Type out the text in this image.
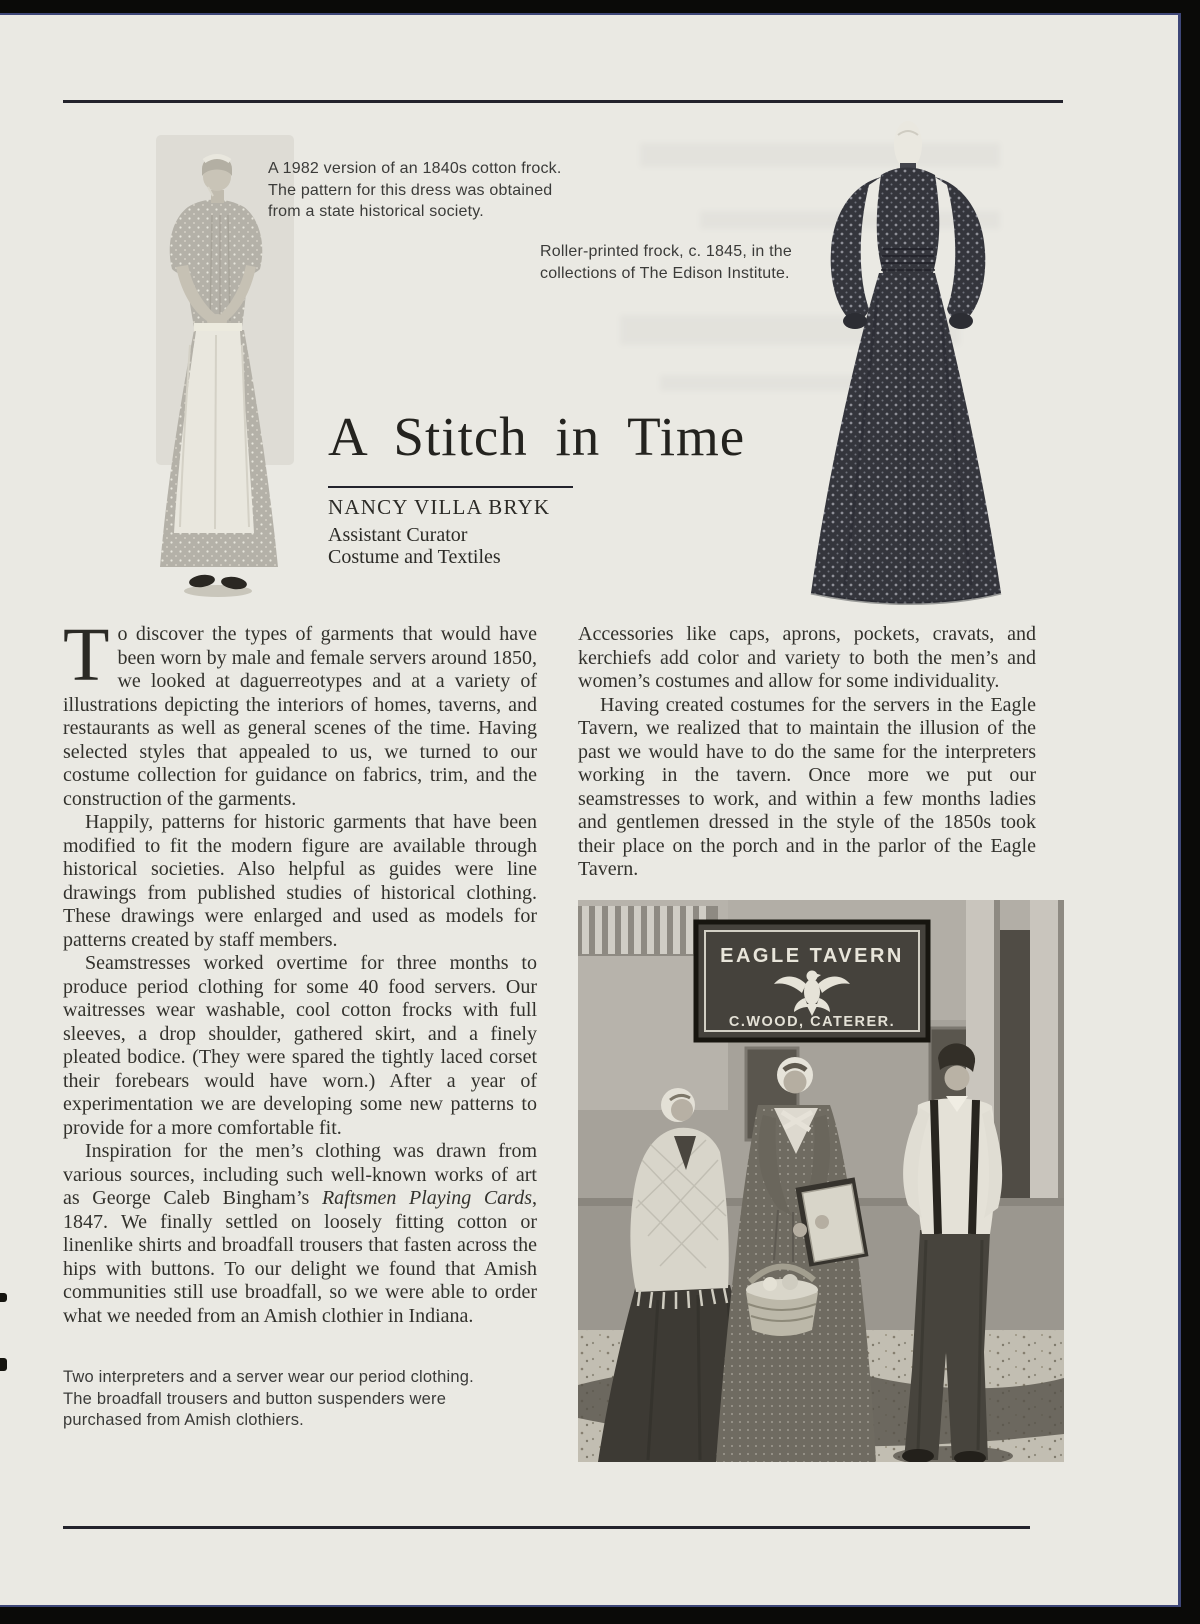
A 1982 version of an 1840s cotton frock. The pattern for this dress was obtained from a state historical society.
Roller-printed frock, c. 1845, in the collections of The Edison Institute.
A Stitch in Time
NANCY VILLA BRYK
Assistant Curator
Costume and Textiles

To discover the types of garments that would have been worn by male and female servers around 1850, we looked at daguerreotypes and at a variety of illustrations depicting the interiors of homes, taverns, and restaurants as well as general scenes of the time. Having selected styles that appealed to us, we turned to our costume collection for guidance on fabrics, trim, and the construction of the garments.

Happily, patterns for historic garments that have been modified to fit the modern figure are available through historical societies. Also helpful as guides were line drawings from published studies of historical clothing. These drawings were enlarged and used as models for patterns created by staff members.

Seamstresses worked overtime for three months to produce period clothing for some 40 food servers. Our waitresses wear washable, cool cotton frocks with full sleeves, a drop shoulder, gathered skirt, and a finely pleated bodice. (They were spared the tightly laced corset their forebears would have worn.) After a year of experimentation we are developing some new patterns to provide for a more comfortable fit.

Inspiration for the men’s clothing was drawn from various sources, including such well-known works of art as George Caleb Bingham’s Raftsmen Playing Cards, 1847. We finally settled on loosely fitting cotton or linenlike shirts and broadfall trousers that fasten across the hips with buttons. To our delight we found that Amish communities still use broadfall, so we were able to order what we needed from an Amish clothier in Indiana.

Accessories like caps, aprons, pockets, cravats, and kerchiefs add color and variety to both the men’s and women’s costumes and allow for some individuality.

Having created costumes for the servers in the Eagle Tavern, we realized that to maintain the illusion of the past we would have to do the same for the interpreters working in the tavern. Once more we put our seamstresses to work, and within a few months ladies and gentlemen dressed in the style of the 1850s took their place on the porch and in the parlor of the Eagle Tavern.

Two interpreters and a server wear our period clothing. The broadfall trousers and button suspenders were purchased from Amish clothiers.
EAGLE TAVERN
C.WOOD, CATERER.
